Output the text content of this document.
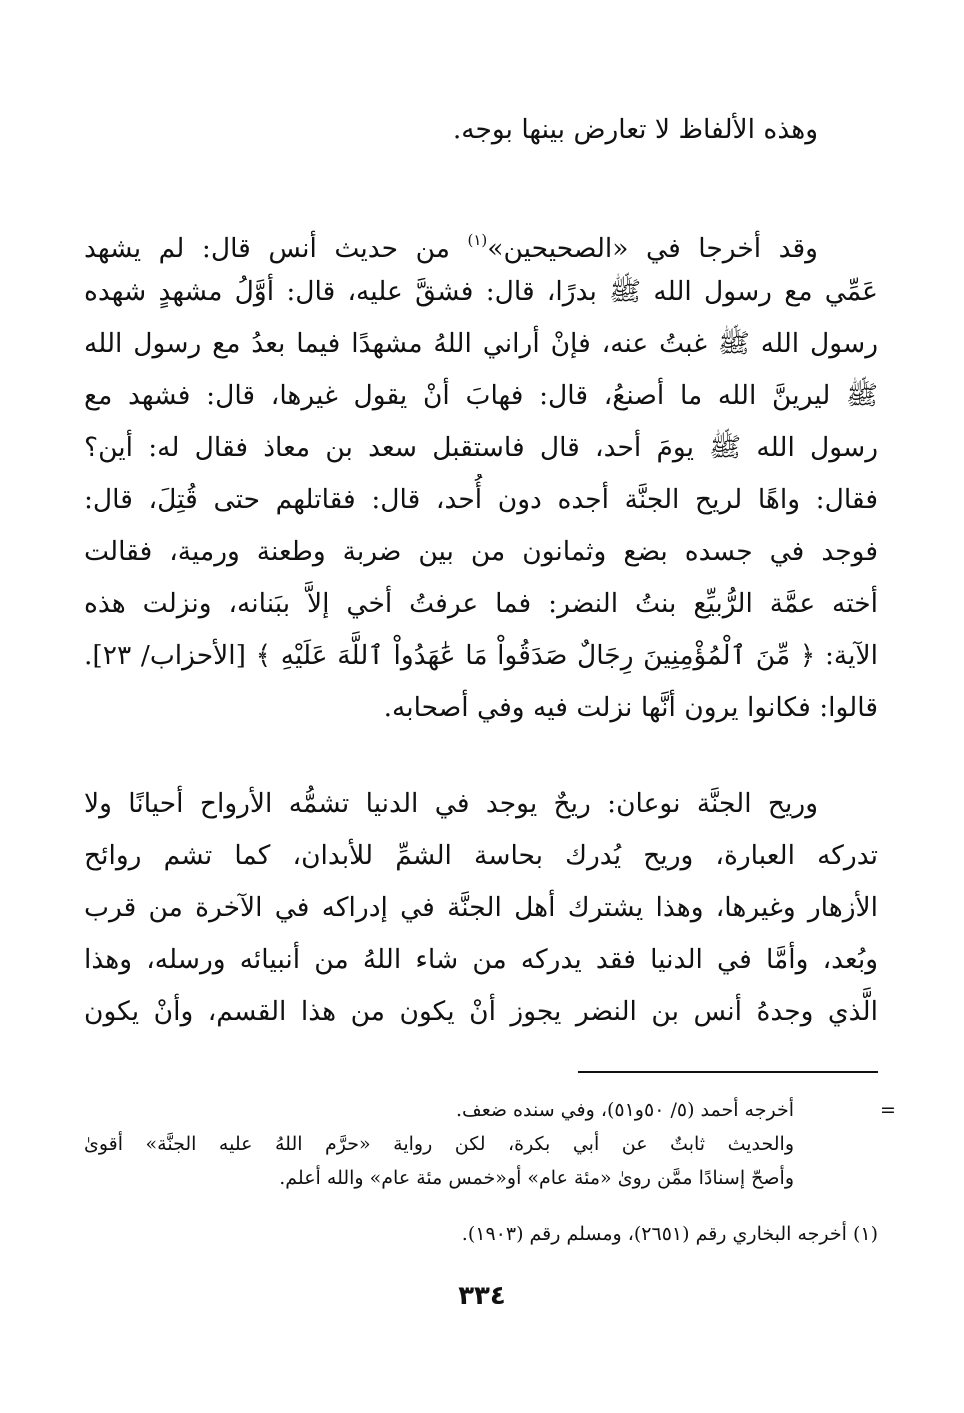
وهذه الألفاظ لا تعارض بينها بوجه.
وقد أخرجا في «الصحيحين»$^{(١)}$ من حديث أنس قال: لم يشهد
عَمِّي مع رسول الله ﷺ بدرًا، قال: فشقَّ عليه، قال: أوَّلُ مشهدٍ شهده
رسول الله ﷺ غبتُ عنه، فإنْ أراني اللهُ مشهدًا فيما بعدُ مع رسول الله
ﷺ ليرينَّ الله ما أصنعُ، قال: فهابَ أنْ يقول غيرها، قال: فشهد مع
رسول الله ﷺ يومَ أحد، قال فاستقبل سعد بن معاذ فقال له: أين؟
فقال: واهًا لريح الجنَّة أجده دون أُحد، قال: فقاتلهم حتى قُتِلَ، قال:
فوجد في جسده بضع وثمانون من بين ضربة وطعنة ورمية، فقالت
أخته عمَّة الرُّبيِّع بنتُ النضر: فما عرفتُ أخي إلاَّ ببَنانه، ونزلت هذه
الآية: ﴿ مِّنَ ٱلْمُؤْمِنِينَ رِجَالٌ صَدَقُواْ مَا عَٰهَدُواْ ٱللَّهَ عَلَيْهِ ﴾ [الأحزاب/ ٢٣].
قالوا: فكانوا يرون أنَّها نزلت فيه وفي أصحابه.
وريح الجنَّة نوعان: ريحٌ يوجد في الدنيا تشمُّه الأرواح أحيانًا ولا
تدركه العبارة، وريح يُدرك بحاسة الشمِّ للأبدان، كما تشم روائح
الأزهار وغيرها، وهذا يشترك أهل الجنَّة في إدراكه في الآخرة من قرب
وبُعد، وأمَّا في الدنيا فقد يدركه من شاء اللهُ من أنبيائه ورسله، وهذا
الَّذي وجدهُ أنس بن النضر يجوز أنْ يكون من هذا القسم، وأنْ يكون
=
أخرجه أحمد (٥/ ٥٠و٥١)، وفي سنده ضعف.
والحديث ثابتٌ عن أبي بكرة، لكن رواية «حرَّم اللهُ عليه الجنَّة» أقوىٰ
وأصحّ إسنادًا ممَّن روىٰ «مئة عام» أو«خمس مئة عام» والله أعلم.
(١) أخرجه البخاري رقم (٢٦٥١)، ومسلم رقم (١٩٠٣).
٣٣٤
